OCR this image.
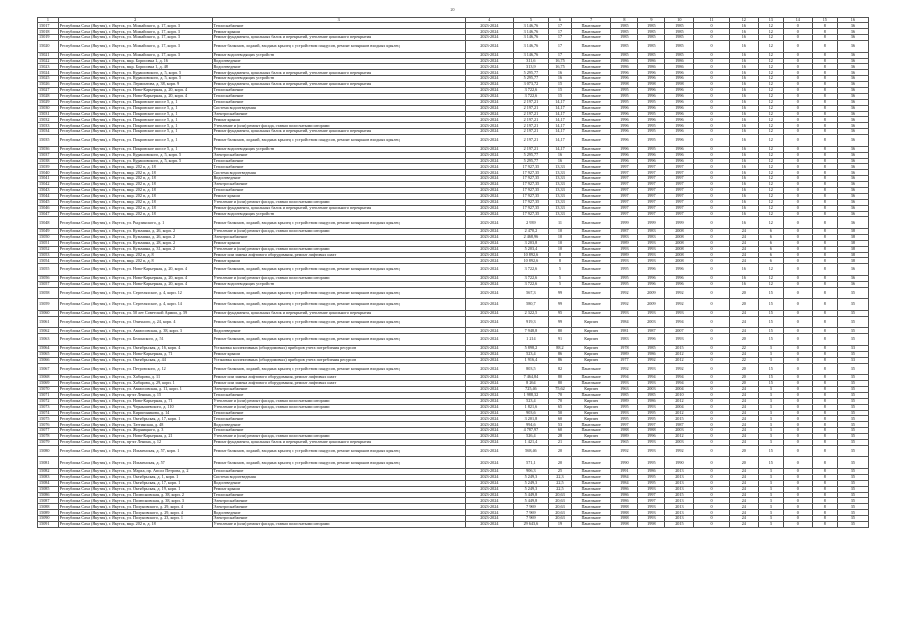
20
1	2	3	4	5	6	7	8	9	10	11	12	13	14	15	16
15017	Республика Саха (Якутия), г. Якутск, ул. Можайского, д. 17, корп. 3	Теплоснабжение	2023-2024	3 146,76	17	Панельное	1985	1985	1985	0	16	12	0	8	36
15018	Республика Саха (Якутия), г. Якутск, ул. Можайского, д. 17, корп. 3	Ремонт крыши	2023-2024	3 146,76	17	Панельное	1985	1985	1985	0	16	12	0	8	36
15019	Республика Саха (Якутия), г. Якутск, ул. Можайского, д. 17, корп. 3	Ремонт фундамента, цокольных балок и перекрытий, утепление цокольного перекрытия	2023-2024	3 146,76	17	Панельное	1985	1985	1985	0	16	12	0	8	36
15020	Республика Саха (Якутия), г. Якутск, ул. Можайского, д. 17, корп. 3	Ремонт балконов, лоджий, входных крылец с устройством пандусов, ремонт козырьков входных крылец	2023-2024	3 146,76	17	Панельное	1985	1985	1985	0	16	12	0	8	36
15021	Республика Саха (Якутия), г. Якутск, ул. Можайского, д. 17, корп. 3	Ремонт водоотводящих устройств	2023-2024	3 146,76	17	Панельное	1985	1985	1985	0	16	12	0	8	36
15022	Республика Саха (Якутия), г. Якутск, мкр. Борисовка 1, д. 16	Водоотведение	2023-2024	311,6	16,75	Панельное	1986	1986	1986	0	16	12	0	8	36
15023	Республика Саха (Якутия), г. Якутск, мкр. Борисовка 1, д. 48	Водоотведение	2023-2024	313,9	16,75	Панельное	1986	1986	1986	0	16	12	0	8	36
15024	Республика Саха (Якутия), г. Якутск, ул. Курашовского, д. 5, корп. 5	Ремонт фундамента, цокольных балок и перекрытий, утепление цокольного перекрытия	2023-2024	5 295,77	16	Панельное	1996	1996	1996	0	16	12	0	8	36
15025	Республика Саха (Якутия), г. Якутск, ул. Курашовского, д. 5, корп. 5	Ремонт водоотводящих устройств	2023-2024	5 295,77	16	Панельное	1996	1996	1996	0	16	12	0	8	36
15026	Республика Саха (Якутия), г. Якутск, ул. Лермонтова, д. 38, корп. 9	Ремонт фундамента, цокольных балок и перекрытий, утепление цокольного перекрытия	2023-2024	3 073,72	15	Панельное	1998	1998	1998	0	16	12	0	8	36
15027	Республика Саха (Якутия), г. Якутск, ул. Ново-Карьерная, д. 20, корп. 4	Теплоснабжение	2023-2024	3 722,6	15	Панельное	1995	1996	1996	0	16	12	0	8	36
15028	Республика Саха (Якутия), г. Якутск, ул. Ново-Карьерная, д. 20, корп. 4	Теплоснабжение	2023-2024	3 722,6	15	Панельное	1995	1996	1996	0	16	12	0	8	36
15029	Республика Саха (Якутия), г. Якутск, ул. Покровское шоссе 5, д. 1	Теплоснабжение	2023-2024	2 197,21	14,17	Панельное	1995	1995	1996	0	16	12	0	8	36
15030	Республика Саха (Якутия), г. Якутск, ул. Покровское шоссе 5, д. 1	Система водоотведения	2023-2024	2 197,21	14,17	Панельное	1996	1996	1996	0	16	12	0	8	36
15031	Республика Саха (Якутия), г. Якутск, ул. Покровское шоссе 5, д. 1	Электроснабжение	2023-2024	2 197,21	14,17	Панельное	1996	1995	1996	0	16	12	0	8	36
15032	Республика Саха (Якутия), г. Якутск, ул. Покровское шоссе 5, д. 1	Ремонт крыши	2023-2024	2 197,21	14,17	Панельное	1996	1996	1996	0	16	12	0	8	36
15033	Республика Саха (Якутия), г. Якутск, ул. Покровское шоссе 5, д. 1	Утепление и (или) ремонт фасада, ставни полосчатыми шторами	2023-2024	2 197,21	14,17	Панельное	1996	1995	1996	0	16	12	0	8	36
15034	Республика Саха (Якутия), г. Якутск, ул. Покровское шоссе 5, д. 1	Ремонт фундамента, цокольных балок и перекрытий, утепление цокольного перекрытия	2023-2024	2 197,21	14,17	Панельное	1996	1995	1996	0	16	12	0	8	36
15035	Республика Саха (Якутия), г. Якутск, ул. Покровское шоссе 5, д. 1	Ремонт балконов, лоджий, входных крылец с устройством пандусов, ремонт козырьков входных крылец	2023-2024	2 197,21	14,17	Панельное	1996	1995	1996	0	16	12	0	8	36
15036	Республика Саха (Якутия), г. Якутск, ул. Покровское шоссе 5, д. 1	Ремонт водоотводящих устройств	2023-2024	2 197,21	14,17	Панельное	1996	1995	1996	0	16	12	0	8	36
15037	Республика Саха (Якутия), г. Якутск, ул. Курашовского, д. 5, корп. 5	Электроснабжение	2023-2024	5 295,77	16	Панельное	1996	1996	1996	0	16	12	0	8	36
15038	Республика Саха (Якутия), г. Якутск, ул. Курашовского, д. 5, корп. 5	Теплоснабжение	2023-2024	5 295,77	16	Панельное	1996	1996	1996	0	16	12	0	8	36
15039	Республика Саха (Якутия), г. Якутск, мкр. 202 п, д. 18	Теплоснабжение	2023-2024	17 927,35	13,33	Панельное	1997	1997	1997	0	16	12	0	8	36
15040	Республика Саха (Якутия), г. Якутск, мкр. 202 п, д. 18	Система водоотведения	2023-2024	17 927,35	13,33	Панельное	1997	1997	1997	0	16	12	0	8	36
15041	Республика Саха (Якутия), г. Якутск, мкр. 202 п, д. 18	Водоотведение	2023-2024	17 927,35	13,33	Панельное	1997	1997	1997	0	16	12	0	8	36
15042	Республика Саха (Якутия), г. Якутск, мкр. 202 п, д. 18	Электроснабжение	2023-2024	17 927,35	13,33	Панельное	1997	1997	1997	0	16	12	0	8	36
15043	Республика Саха (Якутия), г. Якутск, мкр. 202 п, д. 18	Теплоснабжение	2023-2024	17 927,35	13,33	Панельное	1997	1997	1997	0	16	12	0	8	36
15044	Республика Саха (Якутия), г. Якутск, мкр. 202 п, д. 18	Ремонт крыши	2023-2024	17 927,35	13,33	Панельное	1997	1997	1997	0	16	12	0	8	36
15045	Республика Саха (Якутия), г. Якутск, мкр. 202 п, д. 18	Утепление и (или) ремонт фасада, ставни полосчатыми шторами	2023-2024	17 927,35	13,33	Панельное	1997	1997	1997	0	16	12	0	8	36
15046	Республика Саха (Якутия), г. Якутск, мкр. 202 п, д. 18	Ремонт фундамента, цокольных балок и перекрытий, утепление цокольного перекрытия	2023-2024	17 927,35	13,33	Панельное	1997	1997	1997	0	16	12	0	8	36
15047	Республика Саха (Якутия), г. Якутск, мкр. 202 п, д. 18	Ремонт водоотводящих устройств	2023-2024	17 927,35	13,33	Панельное	1997	1997	1997	0	16	12	0	8	36
15048	Республика Саха (Якутия), г. Якутск, ул. Рыдзинского, д. 1	Ремонт балконов, лоджий, входных крылец с устройством пандусов, ремонт козырьков входных крылец	2023-2024	2 939	11	Панельное	1999	1999	1999	0	16	12	0	8	36
15049	Республика Саха (Якутия), г. Якутск, ул. Кузьмина, д. 26, корп. 2	Утепление и (или) ремонт фасада, ставни полосчатыми шторами	2023-2024	2 470,2	10	Панельное	1987	1983	2008	0	24	6	0	8	38
15050	Республика Саха (Якутия), г. Якутск, ул. Кузьмина, д. 26, корп. 2	Электроснабжение	2023-2024	2 468,96	10	Панельное	1983	1983	2008	0	24	6	0	8	38
15051	Республика Саха (Якутия), г. Якутск, ул. Кузьмина, д. 28, корп. 2	Ремонт крыши	2023-2024	3 203,8	10	Панельное	1989	1993	2008	0	24	6	0	8	38
15052	Республика Саха (Якутия), г. Якутск, ул. Кузьмина, д. 31, корп. 2	Утепление и (или) ремонт фасада, ставни полосчатыми шторами	2023-2024	5 203,4	10	Панельное	1993	1993	2008	0	24	6	0	8	38
15053	Республика Саха (Якутия), г. Якутск, мкр. 202 п, д. 8	Ремонт или замена лифтового оборудования, ремонт лифтовых шахт	2023-2024	10 892,6	8	Панельное	1989	1993	2008	0	24	6	0	8	38
15054	Республика Саха (Якутия), г. Якутск, мкр. 202 п, д. 8	Ремонт крыши	2023-2024	10 892,6	8	Панельное	1993	1993	2008	0	24	6	0	8	38
15055	Республика Саха (Якутия), г. Якутск, ул. Ново-Карьерная, д. 20, корп. 4	Ремонт балконов, лоджий, входных крылец с устройством пандусов, ремонт козырьков входных крылец	2023-2024	3 722,6	5	Панельное	1995	1996	1996	0	16	12	0	8	36
15056	Республика Саха (Якутия), г. Якутск, ул. Ново-Карьерная, д. 20, корп. 4	Утепление и (или) ремонт фасада, ставни полосчатыми шторами	2023-2024	3 722,6	5	Панельное	1995	1996	1996	0	16	12	0	8	36
15057	Республика Саха (Якутия), г. Якутск, ул. Ново-Карьерная, д. 20, корп. 4	Ремонт водоотводящих устройств	2023-2024	3 722,6	5	Панельное	1995	1996	1996	0	16	12	0	8	36
15058	Республика Саха (Якутия), г. Якутск, ул. Сергеляхское, д. 4, корп. 12	Ремонт балконов, лоджий, входных крылец с устройством пандусов, ремонт козырьков входных крылец	2023-2024	567,3	99	Панельное	1992	2009	1992	0	20	15	0	8	35
15059	Республика Саха (Якутия), г. Якутск, ул. Сергеляхское, д. 4, корп. 14	Ремонт балконов, лоджий, входных крылец с устройством пандусов, ремонт козырьков входных крылец	2023-2024	580,7	99	Панельное	1992	2009	1992	0	20	15	0	8	35
15060	Республика Саха (Якутия), г. Якутск, ул. 50 лет Советской Армии, д. 59	Ремонт фундамента, цокольных балок и перекрытий, утепление цокольного перекрытия	2023-2024	2 322,5	95	Панельное	1993	1993	1993	0	24	15	0	8	35
15061	Республика Саха (Якутия), г. Якутск, ул. Очичного, д. 24, корп. 4	Ремонт балконов, лоджий, входных крылец с устройством пандусов, ремонт козырьков входных крылец	2023-2024	919,3	99	Кирпич	1984	2003	1994	0	24	15	0	8	35
15062	Республика Саха (Якутия), г. Якутск, ул. Аммосовская, д. 38, корп. 3	Водоотведение	2023-2024	7 948,8	80	Кирпич	1981	1987	2007	0	24	15	0	8	35
15063	Республика Саха (Якутия), г. Якутск, ул. Белинского, д. 51	Ремонт балконов, лоджий, входных крылец с устройством пандусов, ремонт козырьков входных крылец	2023-2024	1 214	91	Кирпич	1983	1996	1993	0	20	15	0	8	35
15064	Республика Саха (Якутия), г. Якутск, ул. Октябрьская, д. 16, корп. 4	Установка коллективных (общедомовых) приборов учета потребления ресурсов	2023-2024	5 898,2	88,2	Кирпич	1978	1985	2015	0	22	3	0	8	33
15065	Республика Саха (Якутия), г. Якутск, ул. Ново-Карьерная, д. 71	Ремонт крыши	2023-2024	523,4	86	Кирпич	1989	1986	2012	0	24	3	0	8	35
15066	Республика Саха (Якутия), г. Якутск, ул. Октябрьская, д. 44	Установка коллективных (общедомовых) приборов учета потребления ресурсов	2023-2024	1 916,4	86	Кирпич	1977	1992	2012	0	22	3	0	8	33
15067	Республика Саха (Якутия), г. Якутск, ул. Петровского, д. 12	Ремонт балконов, лоджий, входных крылец с устройством пандусов, ремонт козырьков входных крылец	2023-2024	803,5	82	Панельное	1992	1993	1992	0	20	15	0	8	35
15068	Республика Саха (Якутия), г. Якутск, ул. Хабарова, д. 11	Ремонт или замена лифтового оборудования, ремонт лифтовых шахт	2023-2024	7 464,84	80	Панельное	1994	1994	1994	0	20	15	0	8	35
15069	Республика Саха (Якутия), г. Якутск, ул. Хабарова, д. 29, корп. 1	Ремонт или замена лифтового оборудования, ремонт лифтовых шахт	2023-2024	8 264	80	Панельное	1993	1993	1994	0	20	15	0	8	35
15070	Республика Саха (Якутия), г. Якутск, ул. Аммосовская, д. 11, корп. 1	Электроснабжение	2023-2024	725,46	75,62	Кирпич	1963	2003	2004	0	24	3	0	8	35
15071	Республика Саха (Якутия), г. Якутск, пр-кт Ленина, д. 15	Теплоснабжение	2023-2024	1 988,32	70	Панельное	1985	1985	2010	0	24	3	0	8	35
15072	Республика Саха (Якутия), г. Якутск, ул. Ново-Карьерная, д. 71	Утепление и (или) ремонт фасада, ставни полосчатыми шторами	2023-2024	523,4	70	Кирпич	1989	1986	2012	0	24	3	0	8	35
15073	Республика Саха (Якутия), г. Якутск, ул. Чернышевского, д. 110	Утепление и (или) ремонт фасада, ставни полосчатыми шторами	2023-2024	1 821,6	65	Кирпич	1995	1993	2004	0	24	3	0	8	35
15074	Республика Саха (Якутия), г. Якутск, ул. Кирпичникова, д. 14	Теплоснабжение	2023-2024	903,6	50	Кирпич	1993	1995	2012	0	24	3	0	8	35
15075	Республика Саха (Якутия), г. Якутск, ул. Октябрьская, д. 17, корп. 1	Теплоснабжение	2023-2024	3 201,8	60	Кирпич	1995	1995	2015	0	24	3	0	8	35
15076	Республика Саха (Якутия), г. Якутск, ул. Таттинская, д. 48	Водоотведение	2023-2024	994,6	53	Панельное	1997	1997	1987	0	24	3	0	8	35
15077	Республика Саха (Якутия), г. Якутск, ул. Жорницкого, д. 3	Теплоснабжение	2023-2024	4 787,97	60	Панельное	1988	1988	2003	0	24	3	0	8	35
15078	Республика Саха (Якутия), г. Якутск, ул. Ново-Карьерная, д. 21	Утепление и (или) ремонт фасада, ставни полосчатыми шторами	2023-2024	526,4	28	Кирпич	1989	1996	2012	0	24	3	0	8	35
15079	Республика Саха (Якутия), г. Якутск, пр-кт Ленина, д. 12	Ремонт фундамента, цокольных балок и перекрытий, утепление цокольного перекрытия	2023-2024	1 421,4	21	Панельное	1965	1993	2003	0	24	3	0	8	35
15080	Республика Саха (Якутия), г. Якутск, ул. Ильменская, д. 57, корп. 1	Ремонт балконов, лоджий, входных крылец с устройством пандусов, ремонт козырьков входных крылец	2023-2024	568,46	20	Панельное	1992	1993	1992	0	20	15	0	8	35
15081	Республика Саха (Якутия), г. Якутск, ул. Ильменская, д. 57	Ремонт балконов, лоджий, входных крылец с устройством пандусов, ремонт козырьков входных крылец	2023-2024	571,1	20	Панельное	1990	1995	1990	0	20	15	0	8	35
15082	Республика Саха (Якутия), г. Якутск, ул. Марха, пр. Апсол Петрова, д. 2	Теплоснабжение	2023-2024	906,3	25	Панельное	1991	1986	2013	0	24	3	0	8	35
15083	Республика Саха (Якутия), г. Якутск, ул. Октябрьская, д. 1, корп. 1	Система водоотведения	2023-2024	5 249,3	22,3	Панельное	1984	1995	2013	0	24	3	0	8	35
15084	Республика Саха (Якутия), г. Якутск, ул. Октябрьская, д. 17, корп. 1	Водоотведение	2023-2024	5 249,3	22,5	Панельное	1984	1995	2013	0	24	3	0	8	35
15085	Республика Саха (Якутия), г. Якутск, ул. Октябрьская, д. 19, корп. 1	Ремонт крыши	2023-2024	5 249,3	22,5	Панельное	1986	1993	2013	0	24	3	0	8	35
15086	Республика Саха (Якутия), г. Якутск, ул. Полюсновская, д. 38, корп. 2	Теплоснабжение	2023-2024	5 449,8	20,63	Панельное	1986	1997	2015	0	24	3	0	8	35
15087	Республика Саха (Якутия), г. Якутск, ул. Полюсновская, д. 38, корп. 3	Электроснабжение	2023-2024	5 449,8	20,63	Панельное	1986	1997	2013	0	24	3	0	8	35
15088	Республика Саха (Якутия), г. Якутск, ул. Полуновского, д. 29, корп. 4	Электроснабжение	2023-2024	7 969	20,63	Панельное	1988	1993	2013	0	24	3	0	8	35
15089	Республика Саха (Якутия), г. Якутск, ул. Полуновского, д. 29, корп. 4	Водоотведение	2023-2024	7 969	20,63	Панельное	1988	1993	2013	0	24	3	0	8	35
15090	Республика Саха (Якутия), г. Якутск, ул. Полуновского, д. 23, корп. 1	Электроснабжение	2023-2024	7 969	20,63	Панельное	1988	1993	2013	0	24	3	0	8	35
15091	Республика Саха (Якутия), г. Якутск, мкр. 202 п, д. 18	Утепление и (или) ремонт фасада, ставни полосчатыми шторами	2023-2024	29 643,6	19	Панельное	1998	1998	2015	0	24	3	0	8	35
